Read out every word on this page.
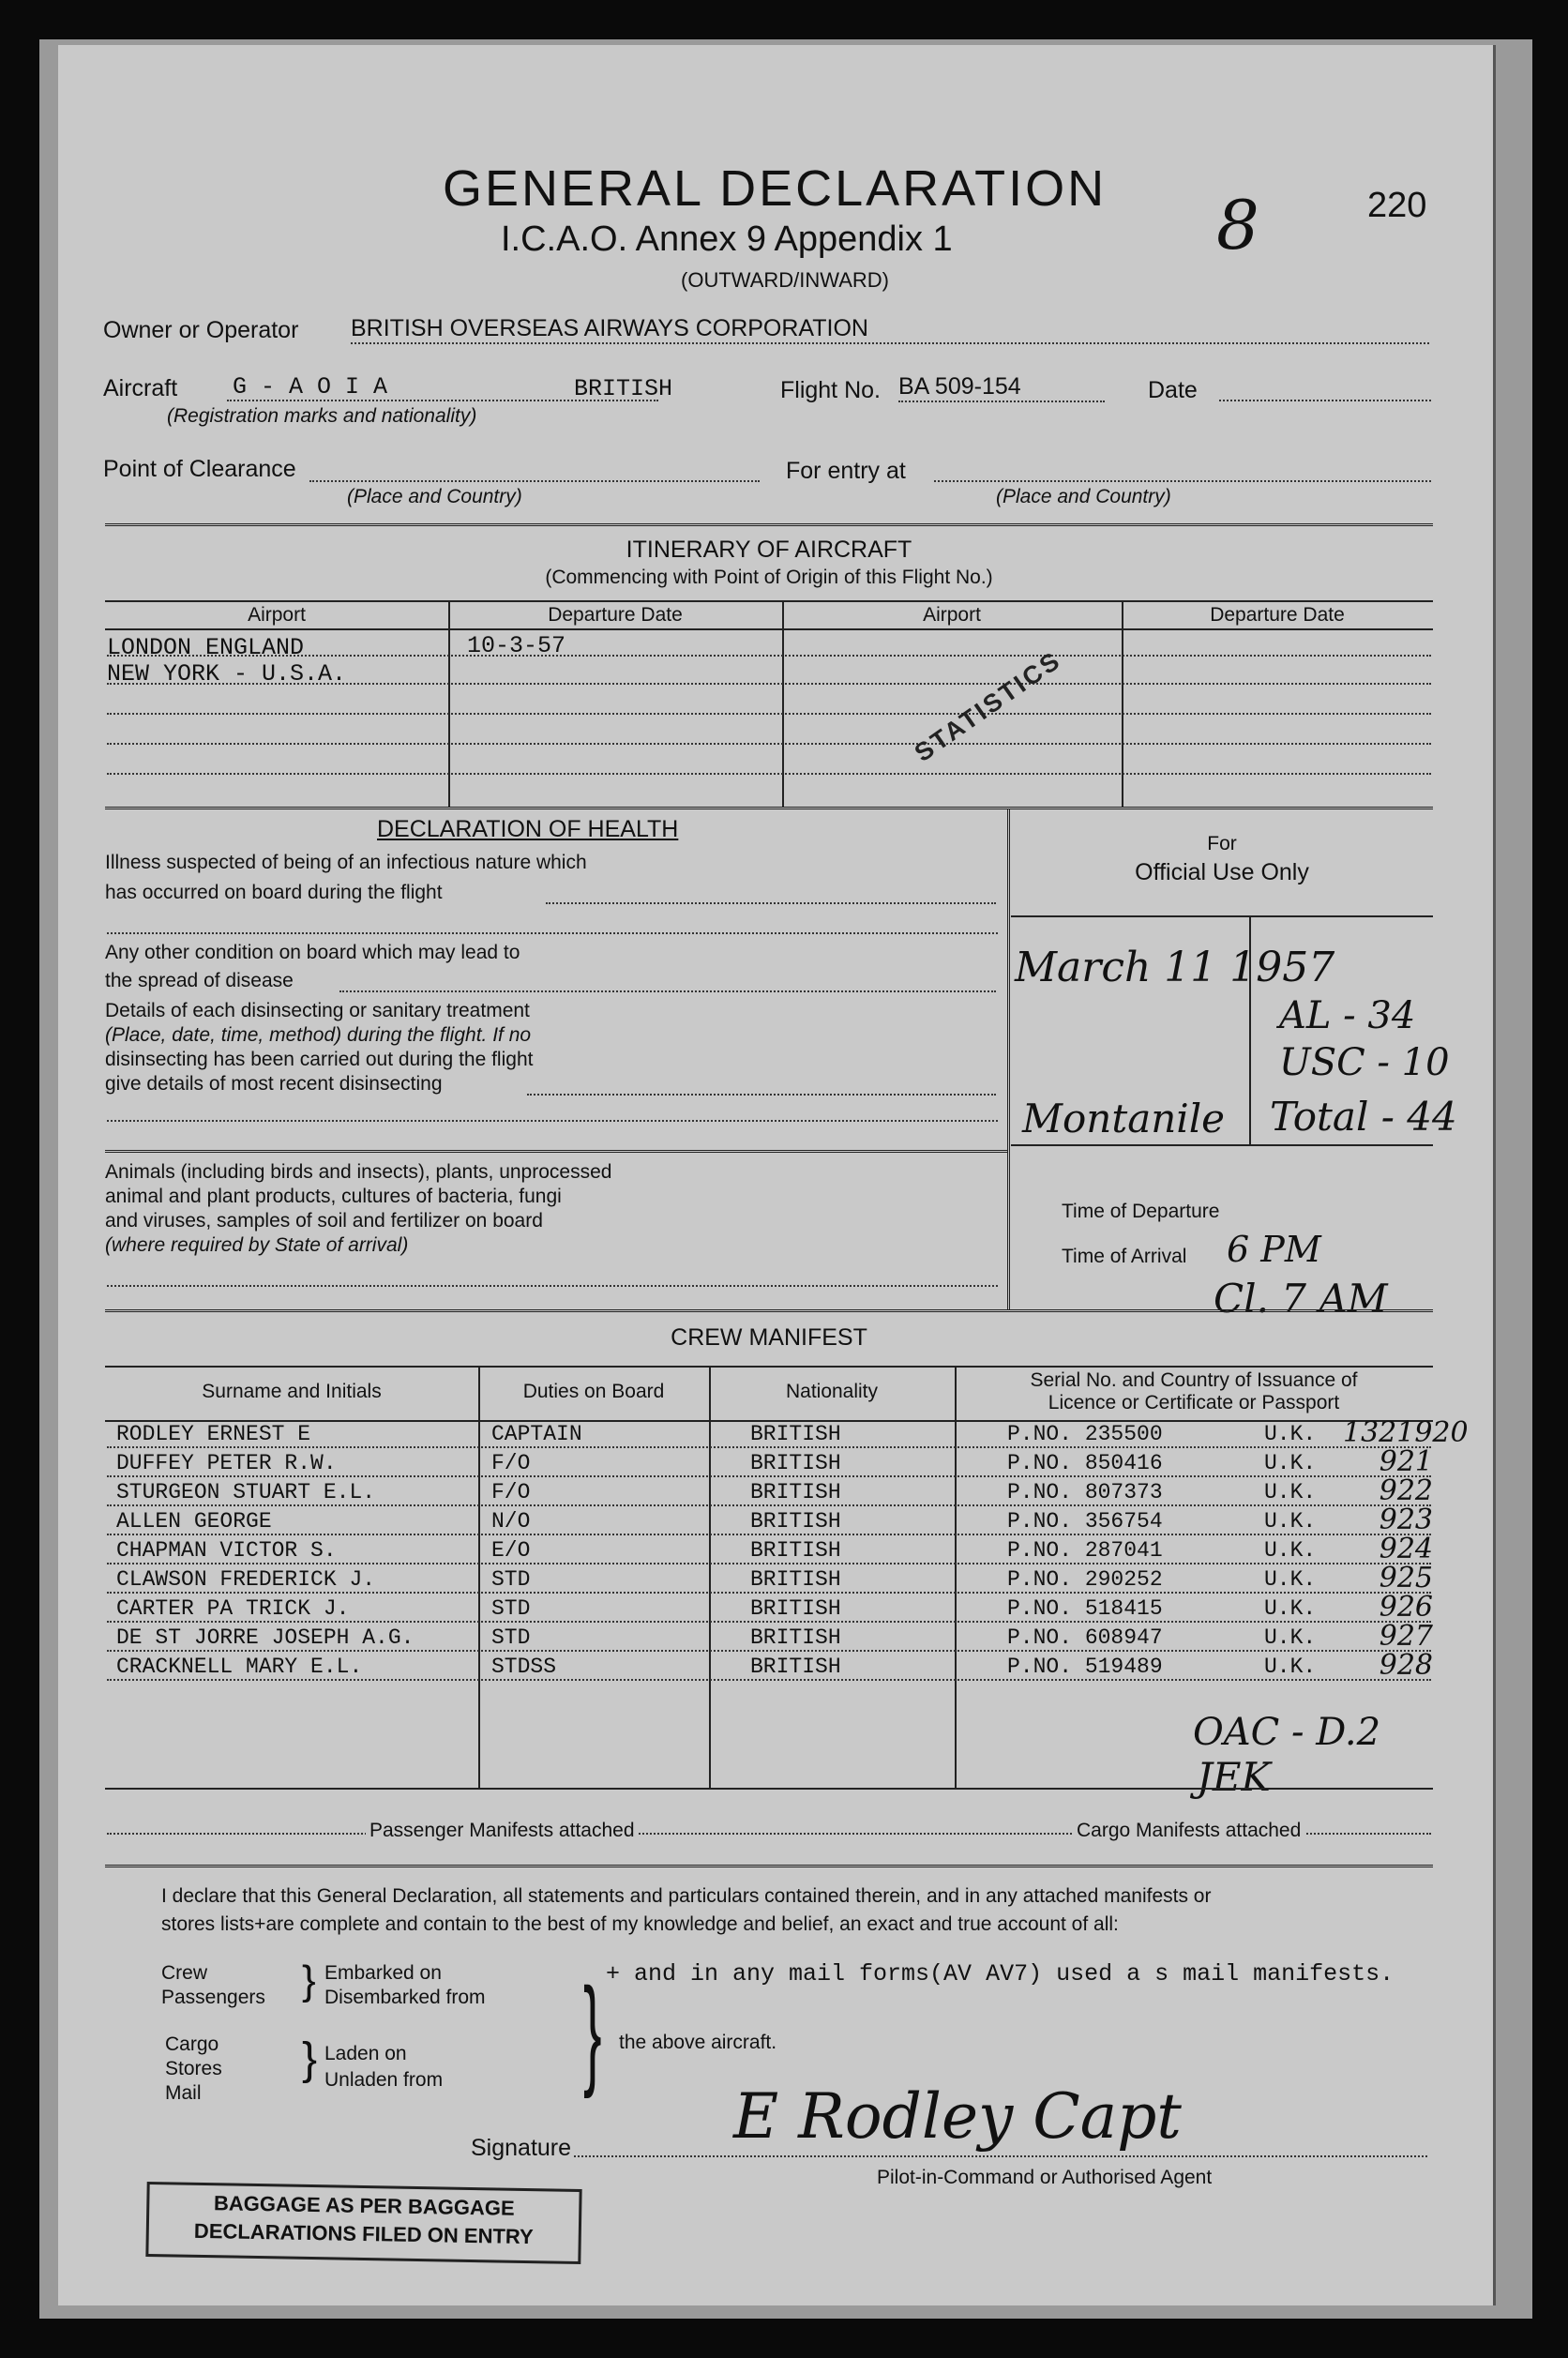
GENERAL DECLARATION
I.C.A.O. Annex 9 Appendix 1
(OUTWARD/INWARD)
8	220
Owner or Operator BRITISH OVERSEAS AIRWAYS CORPORATION
Aircraft G - A O I A	BRITISH
(Registration marks and nationality)
Flight No. BA 509-154	Date
Point of Clearance
(Place and Country)
For entry at
(Place and Country)
ITINERARY OF AIRCRAFT
(Commencing with Point of Origin of this Flight No.)
Airport	Departure Date	Airport	Departure Date
LONDON ENGLAND	10-3-57
NEW YORK - U.S.A.	STATISTICS
DECLARATION OF HEALTH
Illness suspected of being of an infectious nature which
has occurred on board during the flight
Any other condition on board which may lead to
the spread of disease
Details of each disinsecting or sanitary treatment
(Place, date, time, method) during the flight. If no
disinsecting has been carried out during the flight
give details of most recent disinsecting
Animals (including birds and insects), plants, unprocessed
animal and plant products, cultures of bacteria, fungi
and viruses, samples of soil and fertilizer on board
(where required by State of arrival)
For
Official Use Only
March 11 1957
AL - 34
USC - 10
Montanile Total - 44
Time of Departure
Time of Arrival 6 PM
Cl. 7 AM
CREW MANIFEST
Surname and Initials	Duties on Board	Nationality
Serial No. and Country of Issuance of
Licence or Certificate or Passport
RODLEY ERNEST E	CAPTAIN	BRITISH	P.NO. 235500	U.K. 1321920
DUFFEY PETER R.W.	F/O	BRITISH	P.NO. 850416	U.K.	921
STURGEON STUART E.L.	F/O	BRITISH	P.NO. 807373	U.K.	922
ALLEN GEORGE	N/O	BRITISH	P.NO. 356754	U.K.	923
CHAPMAN VICTOR S.	E/O	BRITISH	P.NO. 287041	U.K.	924
CLAWSON FREDERICK J.	STD	BRITISH	P.NO. 290252	U.K.	925
CARTER PA TRICK J.	STD	BRITISH	P.NO. 518415	U.K.	926
DE ST JORRE JOSEPH A.G.	STD	BRITISH	P.NO. 608947	U.K.	927
CRACKNELL MARY E.L.	STDSS	BRITISH	P.NO. 519489	U.K.	928
OAC - D.2
JEK
Passenger Manifests attached	Cargo Manifests attached
I declare that this General Declaration, all statements and particulars contained therein, and in any attached manifests or
stores lists+are complete and contain to the best of my knowledge and belief, an exact and true account of all:
Crew
Passengers } Embarked on
Disembarked from
Cargo
Stores
Mail
} Laden on
Unladen from } + and in any mail forms(AV AV7) used a s mail manifests.
the above aircraft.
Signature	E Rodley Capt
Pilot-in-Command or Authorised Agent
BAGGAGE AS PER BAGGAGE
DECLARATIONS FILED ON ENTRY
